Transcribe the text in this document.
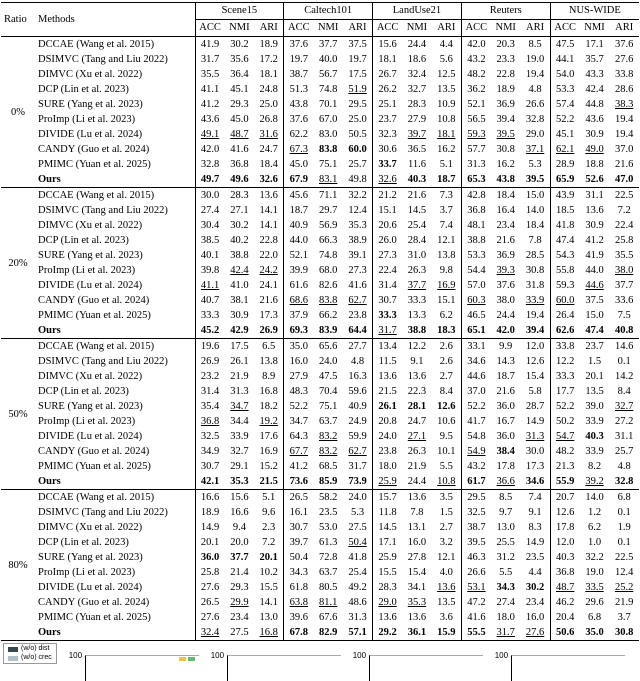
Ratio	Methods	Scene15			Caltech101			LandUse21			Reuters			NUS-WIDE		
		ACC	NMI	ARI	ACC	NMI	ARI	ACC	NMI	ARI	ACC	NMI	ARI	ACC	NMI	ARI
0%	DCCAE (Wang et al. 2015)	41.9	30.2	18.9	37.6	37.7	37.5	15.6	24.4	4.4	42.0	20.3	8.5	47.5	17.1	37.6
	DSIMVC (Tang and Liu 2022)	31.7	35.6	17.2	19.7	40.0	19.7	18.1	18.6	5.6	43.2	23.3	19.0	44.1	35.7	27.6
	DIMVC (Xu et al. 2022)	35.5	36.4	18.1	38.7	56.7	17.5	26.7	32.4	12.5	48.2	22.8	19.4	54.0	43.3	33.8
	DCP (Lin et al. 2023)	41.1	45.1	24.8	51.3	74.8	51.9	26.2	32.7	13.5	36.2	18.9	4.8	53.3	42.4	28.6
	SURE (Yang et al. 2023)	41.2	29.3	25.0	43.8	70.1	29.5	25.1	28.3	10.9	52.1	36.9	26.6	57.4	44.8	38.3
	ProImp (Li et al. 2023)	43.6	45.0	26.8	37.6	67.0	25.0	23.7	27.9	10.8	56.5	39.4	32.8	52.2	43.6	19.4
	DIVIDE (Lu et al. 2024)	49.1	48.7	31.6	62.2	83.0	50.5	32.3	39.7	18.1	59.3	39.5	29.0	45.1	30.9	19.4
	CANDY (Guo et al. 2024)	42.0	41.6	24.7	67.3	83.8	60.0	30.6	36.5	16.2	57.7	30.8	37.1	62.1	49.0	37.0
	PMIMC (Yuan et al. 2025)	32.8	36.8	18.4	45.0	75.1	25.7	33.7	11.6	5.1	31.3	16.2	5.3	28.9	18.8	21.6
	Ours	49.7	49.6	32.6	67.9	83.1	49.8	32.6	40.3	18.7	65.3	43.8	39.5	65.9	52.6	47.0
20%	DCCAE (Wang et al. 2015)	30.0	28.3	13.6	45.6	71.1	32.2	21.2	21.6	7.3	42.8	18.4	15.0	43.9	31.1	22.5
	DSIMVC (Tang and Liu 2022)	27.4	27.1	14.1	18.7	29.7	12.4	15.1	14.5	3.7	36.8	16.4	14.0	18.5	13.6	7.2
	DIMVC (Xu et al. 2022)	30.4	30.2	14.1	40.9	56.9	35.3	20.6	25.4	7.4	48.1	23.4	18.4	41.8	30.9	22.4
	DCP (Lin et al. 2023)	38.5	40.2	22.8	44.0	66.3	38.9	26.0	28.4	12.1	38.8	21.6	7.8	47.4	41.2	25.8
	SURE (Yang et al. 2023)	40.1	38.8	22.0	52.1	74.8	39.1	27.3	31.0	13.8	53.3	36.9	28.5	54.3	41.9	35.5
	ProImp (Li et al. 2023)	39.8	42.4	24.2	39.9	68.0	27.3	22.4	26.3	9.8	54.4	39.3	30.8	55.8	44.0	38.0
	DIVIDE (Lu et al. 2024)	41.1	41.0	24.1	61.6	82.6	41.6	31.4	37.7	16.9	57.0	37.6	31.8	59.3	44.6	37.7
	CANDY (Guo et al. 2024)	40.7	38.1	21.6	68.6	83.8	62.7	30.7	33.3	15.1	60.3	38.0	33.9	60.0	37.5	33.6
	PMIMC (Yuan et al. 2025)	33.3	30.9	17.3	37.9	66.2	23.8	33.3	13.3	6.2	46.5	24.4	19.4	26.4	15.0	7.5
	Ours	45.2	42.9	26.9	69.3	83.9	64.4	31.7	38.8	18.3	65.1	42.0	39.4	62.6	47.4	40.8
50%	DCCAE (Wang et al. 2015)	19.6	17.5	6.5	35.0	65.6	27.7	13.4	12.2	2.6	33.1	9.9	12.0	33.8	23.7	14.6
	DSIMVC (Tang and Liu 2022)	26.9	26.1	13.8	16.0	24.0	4.8	11.5	9.1	2.6	34.6	14.3	12.6	12.2	1.5	0.1
	DIMVC (Xu et al. 2022)	23.2	21.9	8.9	27.9	47.5	16.3	13.6	13.6	2.7	44.6	18.7	15.4	33.3	20.1	14.2
	DCP (Lin et al. 2023)	31.4	31.3	16.8	48.3	70.4	59.6	21.5	22.3	8.4	37.0	21.6	5.8	17.7	13.5	8.4
	SURE (Yang et al. 2023)	35.4	34.7	18.2	52.2	75.1	40.9	26.1	28.1	12.6	52.2	36.0	28.7	52.2	39.0	32.7
	ProImp (Li et al. 2023)	36.8	34.4	19.2	34.7	63.7	24.9	20.8	24.7	10.6	41.7	16.7	14.9	50.2	33.9	27.2
	DIVIDE (Lu et al. 2024)	32.5	33.9	17.6	64.3	83.2	59.9	24.0	27.1	9.5	54.8	36.0	31.3	54.7	40.3	31.1
	CANDY (Guo et al. 2024)	34.9	32.7	16.9	67.7	83.2	62.7	23.8	26.3	10.1	54.9	38.4	30.0	48.2	33.9	25.7
	PMIMC (Yuan et al. 2025)	30.7	29.1	15.2	41.2	68.5	31.7	18.0	21.9	5.5	43.2	17.8	17.3	21.3	8.2	4.8
	Ours	42.1	35.3	21.5	73.6	85.9	73.9	25.9	24.4	10.8	61.7	36.6	34.6	55.9	39.2	32.8
80%	DCCAE (Wang et al. 2015)	16.6	15.6	5.1	26.5	58.2	24.0	15.7	13.6	3.5	29.5	8.5	7.4	20.7	14.0	6.8
	DSIMVC (Tang and Liu 2022)	18.9	16.6	9.6	16.1	23.5	5.3	11.8	7.8	1.5	32.5	9.7	9.1	12.6	1.2	0.1
	DIMVC (Xu et al. 2022)	14.9	9.4	2.3	30.7	53.0	27.5	14.5	13.1	2.7	38.7	13.0	8.3	17.8	6.2	1.9
	DCP (Lin et al. 2023)	20.1	20.0	7.2	39.7	61.3	50.4	17.1	16.0	3.2	39.5	25.5	14.9	12.0	1.0	0.1
	SURE (Yang et al. 2023)	36.0	37.7	20.1	50.4	72.8	41.8	25.9	27.8	12.1	46.3	31.2	23.5	40.3	32.2	22.5
	ProImp (Li et al. 2023)	25.8	21.4	10.2	34.3	63.7	25.4	15.5	15.4	4.0	26.6	5.5	4.4	36.8	19.0	12.4
	DIVIDE (Lu et al. 2024)	27.6	29.3	15.5	61.8	80.5	49.2	28.3	34.1	13.6	53.1	34.3	30.2	48.7	33.5	25.2
	CANDY (Guo et al. 2024)	26.5	29.9	14.1	63.8	81.1	48.6	29.0	35.3	13.5	47.2	27.4	23.4	46.2	29.6	21.9
	PMIMC (Yuan et al. 2025)	27.6	23.4	13.0	39.6	67.6	31.3	13.6	13.6	3.6	41.6	18.0	16.0	20.4	6.8	3.7
	Ours	32.4	27.5	16.8	67.8	82.9	57.1	29.2	36.1	15.9	55.5	31.7	27.6	50.6	35.0	30.8
(w/o) dist
(w/o) crec 100	100	100	100
